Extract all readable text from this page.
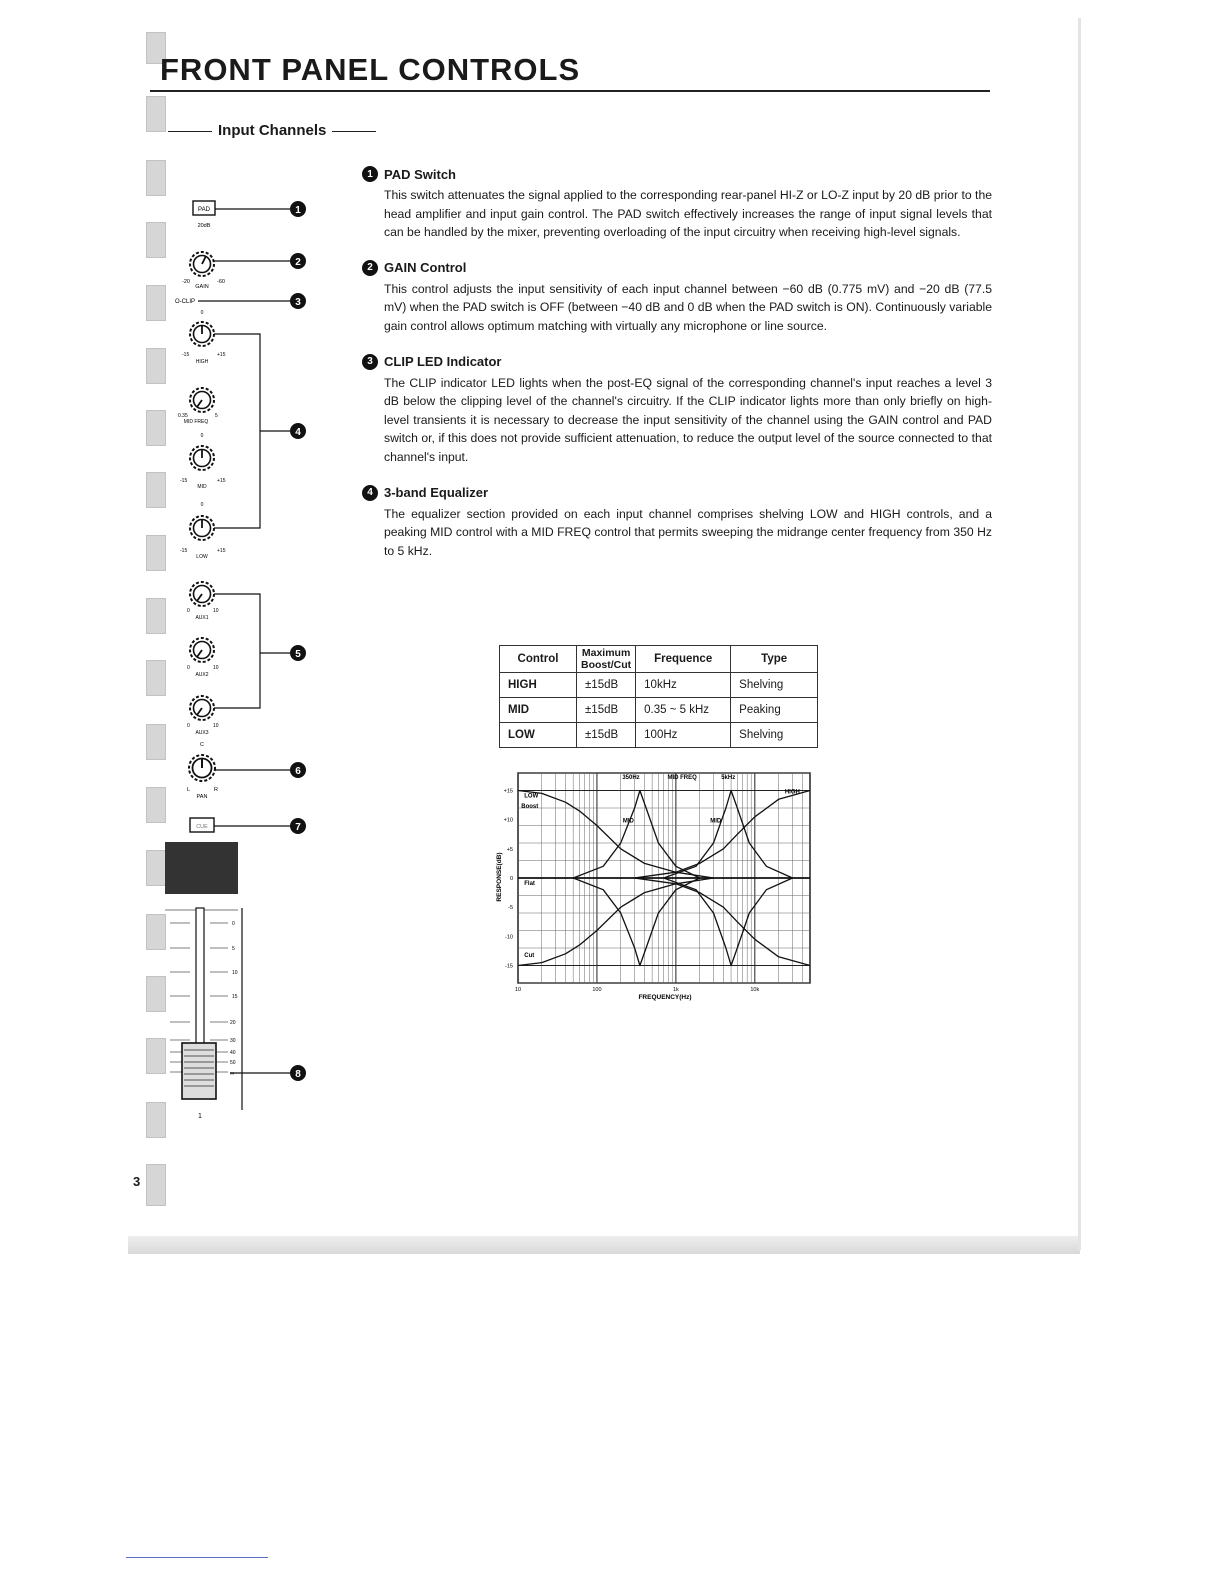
FRONT PANEL CONTROLS
Input Channels
PAD
20dB
-20	-60
GAIN
O-CLIP
0
-15	+15
HIGH
0.35	5
MID FREQ
0
-15	+15
MID
0
-15	+15
LOW
0	10
AUX1
0	10
AUX2
0	10
AUX3
C
L	R
PAN
CUE
0
5
10
15
20
30
40
50
∞
1
1
2
3
4
5
6
7
8
1 PAD Switch

This switch attenuates the signal applied to the corresponding rear-panel HI-Z or LO-Z input by 20 dB prior to the head amplifier and input gain control. The PAD switch effectively increases the range of input signal levels that can be handled by the mixer, preventing overloading of the input circuitry when receiving high-level signals.

2 GAIN Control

This control adjusts the input sensitivity of each input channel between −60 dB (0.775 mV) and −20 dB (77.5 mV) when the PAD switch is OFF (between −40 dB and 0 dB when the PAD switch is ON). Continuously variable gain control allows optimum matching with virtually any microphone or line source.

3 CLIP LED Indicator

The CLIP indicator LED lights when the post-EQ signal of the corresponding channel's input reaches a level 3 dB below the clipping level of the channel's circuitry. If the CLIP indicator lights more than only briefly on high-level transients it is necessary to decrease the input sensitivity of the channel using the GAIN control and PAD switch or, if this does not provide sufficient attenuation, to reduce the output level of the source connected to that channel's input.

4 3-band Equalizer

The equalizer section provided on each input channel comprises shelving LOW and HIGH controls, and a peaking MID control with a MID FREQ control that permits sweeping the midrange center frequency from 350 Hz to 5 kHz.

Control	Maximum Boost/Cut	Frequence	Type
HIGH	±15dB	10kHz	Shelving
MID	±15dB	0.35 ~ 5 kHz	Peaking
LOW	±15dB	100Hz	Shelving
+15
+10
+5
0
-5
-10
-15
10	100	1k	10k
LOW
Boost
MID	MID
HIGH
Flat
Cut
350Hz	MID FREQ	5kHz
RESPONSE(dB)
FREQUENCY(Hz)
3
